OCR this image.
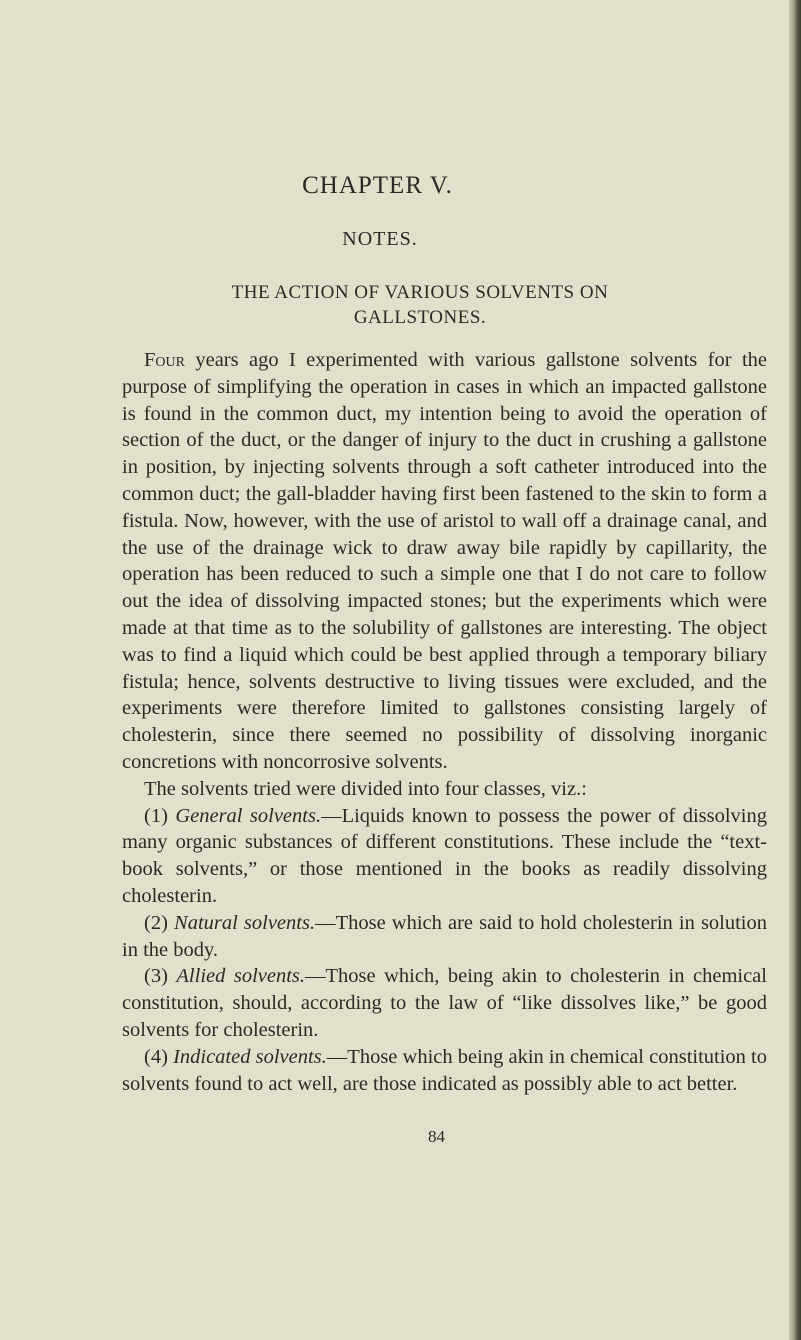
CHAPTER V.
NOTES.
THE ACTION OF VARIOUS SOLVENTS ON
GALLSTONES.

Four years ago I experimented with various gallstone solvents for the purpose of simplifying the operation in cases in which an impacted gallstone is found in the common duct, my intention being to avoid the operation of section of the duct, or the danger of injury to the duct in crushing a gallstone in position, by injecting solvents through a soft catheter introduced into the common duct; the gall-bladder having first been fastened to the skin to form a fistula. Now, however, with the use of aristol to wall off a drainage canal, and the use of the drainage wick to draw away bile rapidly by capillarity, the operation has been reduced to such a simple one that I do not care to follow out the idea of dissolving impacted stones; but the experiments which were made at that time as to the solubility of gallstones are interesting. The object was to find a liquid which could be best applied through a temporary biliary fistula; hence, solvents destructive to living tissues were excluded, and the experiments were therefore limited to gallstones consisting largely of cholesterin, since there seemed no possibility of dissolving inorganic concretions with noncorrosive solvents.

The solvents tried were divided into four classes, viz.:

(1) General solvents.—Liquids known to possess the power of dissolving many organic substances of different constitutions. These include the “text-book solvents,” or those mentioned in the books as readily dissolving cholesterin.

(2) Natural solvents.—Those which are said to hold cholesterin in solution in the body.

(3) Allied solvents.—Those which, being akin to cholesterin in chemical constitution, should, according to the law of “like dissolves like,” be good solvents for cholesterin.

(4) Indicated solvents.—Those which being akin in chemical constitution to solvents found to act well, are those indicated as possibly able to act better.

84
